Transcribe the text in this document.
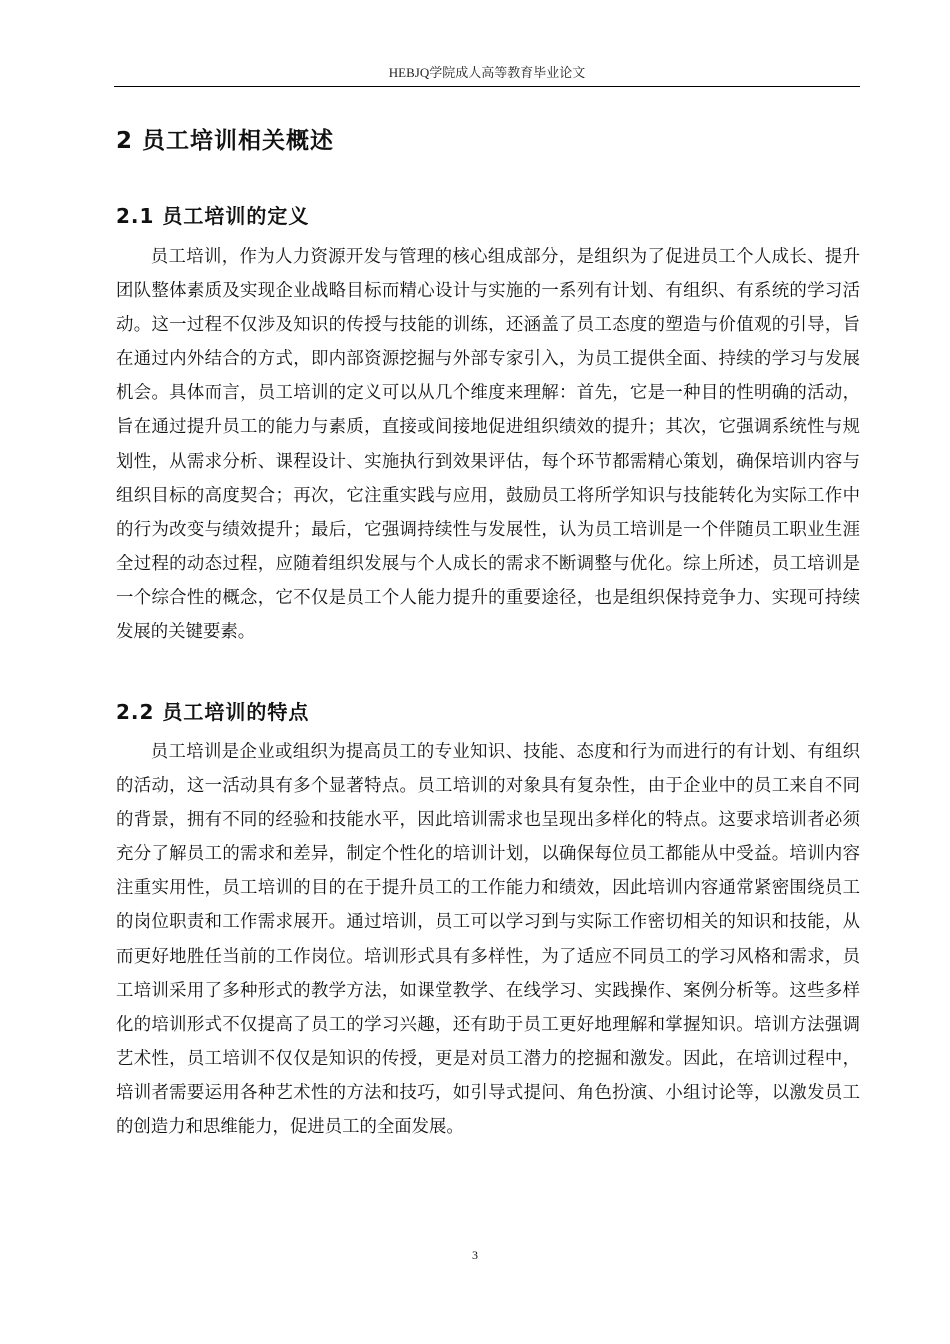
HEBJQ学院成人高等教育毕业论文
2 员工培训相关概述
2.1 员工培训的定义

员工培训，作为人力资源开发与管理的核心组成部分，是组织为了促进员工个人成长、提升团队整体素质及实现企业战略目标而精心设计与实施的一系列有计划、有组织、有系统的学习活动。这一过程不仅涉及知识的传授与技能的训练，还涵盖了员工态度的塑造与价值观的引导，旨在通过内外结合的方式，即内部资源挖掘与外部专家引入，为员工提供全面、持续的学习与发展机会。具体而言，员工培训的定义可以从几个维度来理解：首先，它是一种目的性明确的活动，旨在通过提升员工的能力与素质，直接或间接地促进组织绩效的提升；其次，它强调系统性与规划性，从需求分析、课程设计、实施执行到效果评估，每个环节都需精心策划，确保培训内容与组织目标的高度契合；再次，它注重实践与应用，鼓励员工将所学知识与技能转化为实际工作中的行为改变与绩效提升；最后，它强调持续性与发展性，认为员工培训是一个伴随员工职业生涯全过程的动态过程，应随着组织发展与个人成长的需求不断调整与优化。综上所述，员工培训是一个综合性的概念，它不仅是员工个人能力提升的重要途径，也是组织保持竞争力、实现可持续发展的关键要素。

2.2 员工培训的特点

员工培训是企业或组织为提高员工的专业知识、技能、态度和行为而进行的有计划、有组织的活动，这一活动具有多个显著特点。员工培训的对象具有复杂性，由于企业中的员工来自不同的背景，拥有不同的经验和技能水平，因此培训需求也呈现出多样化的特点。这要求培训者必须充分了解员工的需求和差异，制定个性化的培训计划，以确保每位员工都能从中受益。培训内容注重实用性，员工培训的目的在于提升员工的工作能力和绩效，因此培训内容通常紧密围绕员工的岗位职责和工作需求展开。通过培训，员工可以学习到与实际工作密切相关的知识和技能，从而更好地胜任当前的工作岗位。培训形式具有多样性，为了适应不同员工的学习风格和需求，员工培训采用了多种形式的教学方法，如课堂教学、在线学习、实践操作、案例分析等。这些多样化的培训形式不仅提高了员工的学习兴趣，还有助于员工更好地理解和掌握知识。培训方法强调艺术性，员工培训不仅仅是知识的传授，更是对员工潜力的挖掘和激发。因此，在培训过程中，培训者需要运用各种艺术性的方法和技巧，如引导式提问、角色扮演、小组讨论等，以激发员工的创造力和思维能力，促进员工的全面发展。

3
